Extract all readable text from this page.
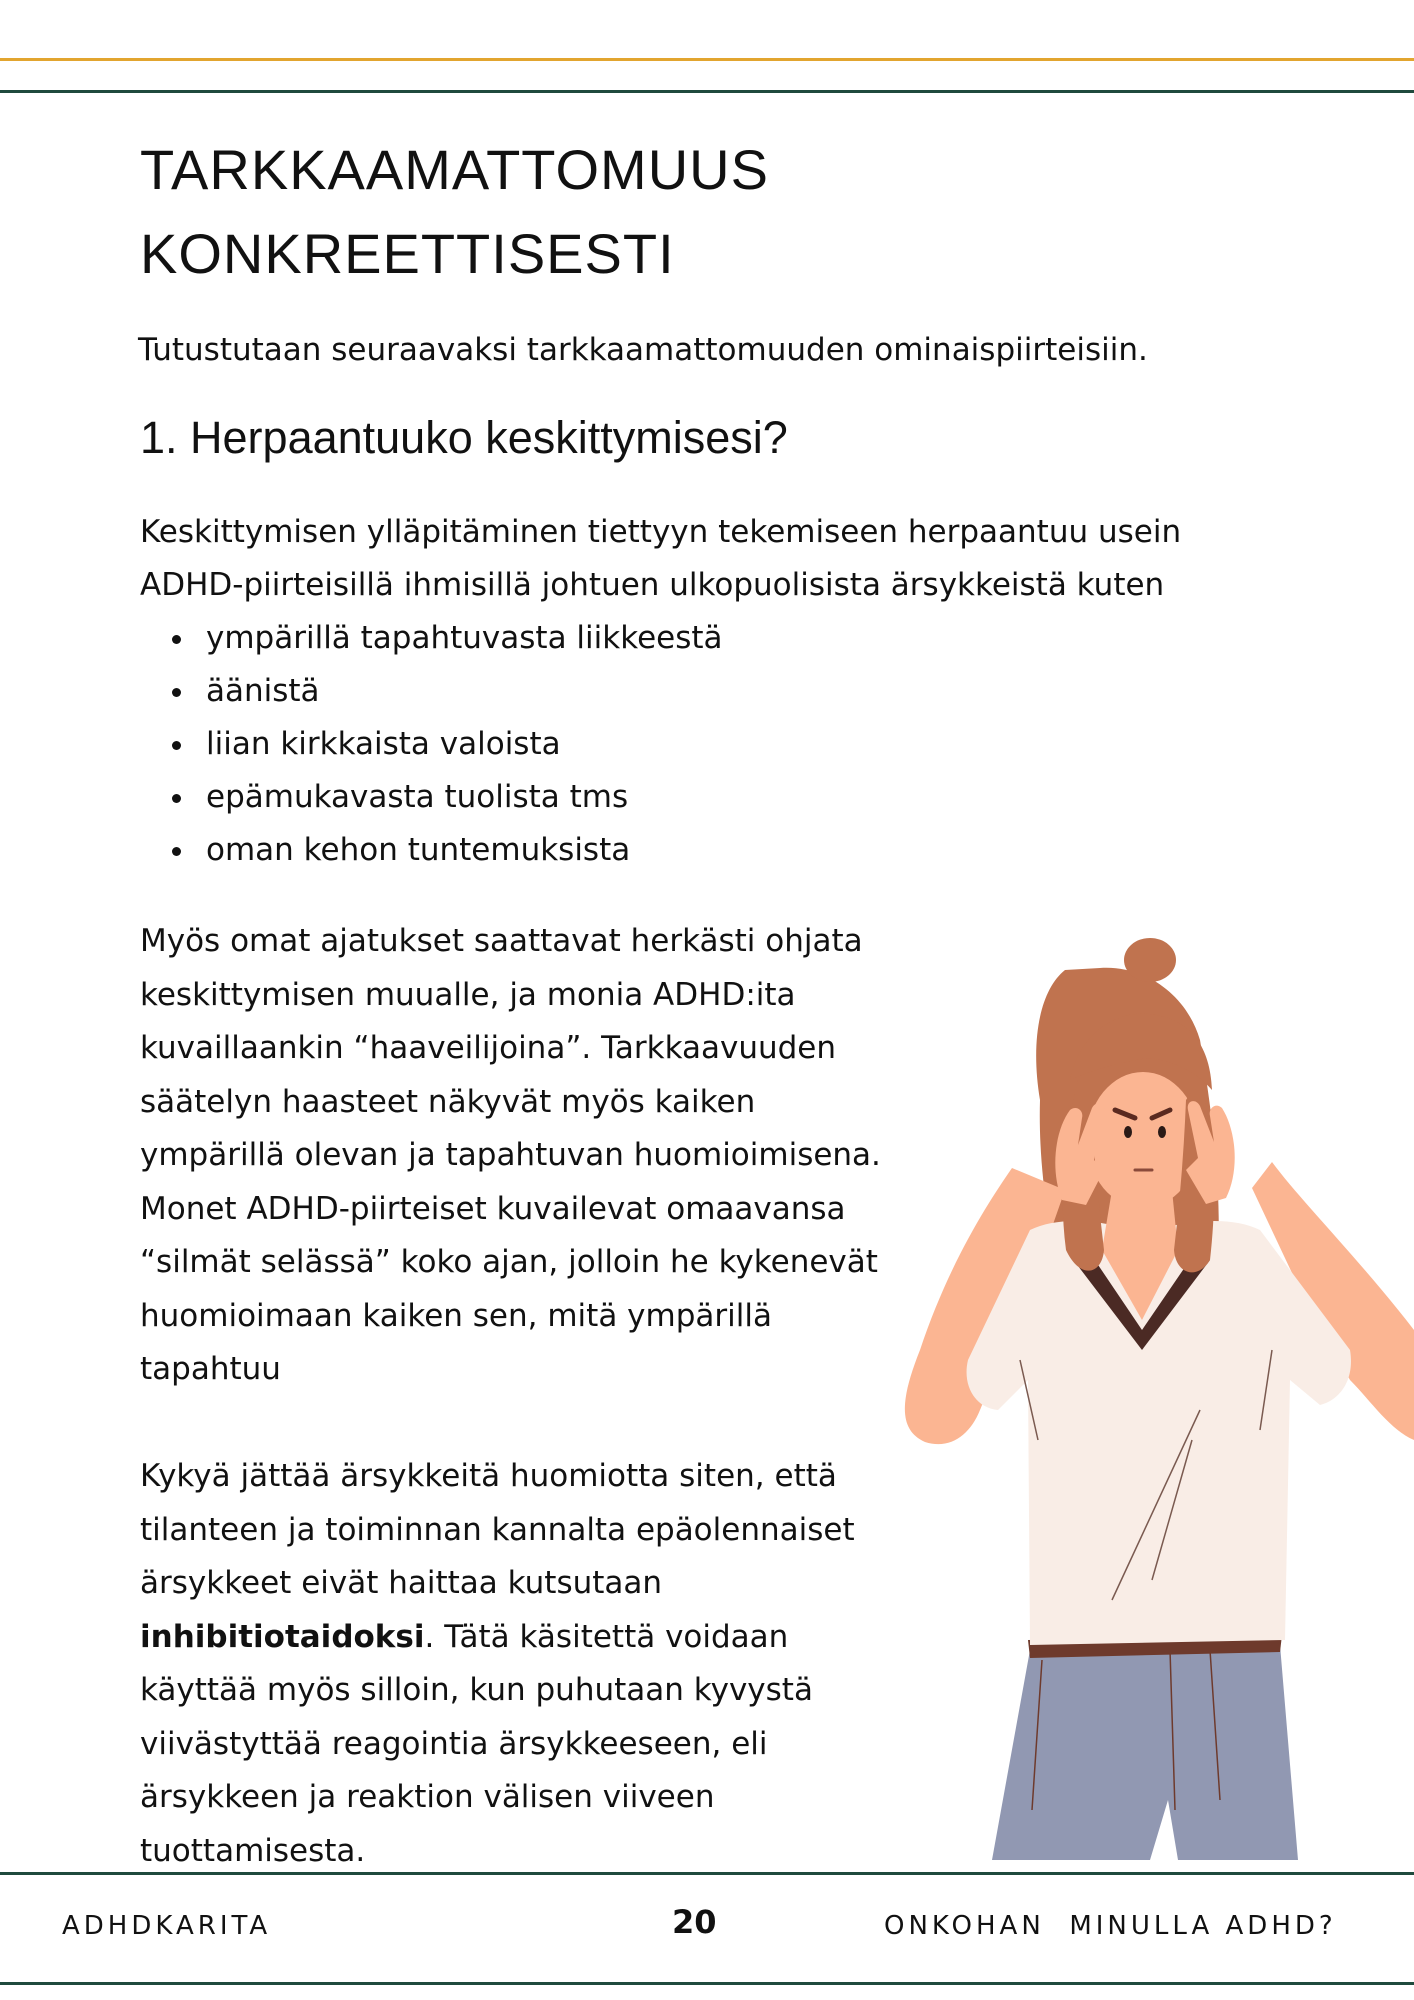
TARKKAAMATTOMUUS
KONKREETTISESTI

Tutustutaan seuraavaksi tarkkaamattomuuden ominaispiirteisiin.

1. Herpaantuuko keskittymisesi?

Keskittymisen ylläpitäminen tiettyyn tekemiseen herpaantuu usein
ADHD-piirteisillä ihmisillä johtuen ulkopuolisista ärsykkeistä kuten

ympärillä tapahtuvasta liikkeestä
äänistä
liian kirkkaista valoista
epämukavasta tuolista tms
oman kehon tuntemuksista

Myös omat ajatukset saattavat herkästi ohjata
keskittymisen muualle, ja monia ADHD:ita
kuvaillaankin “haaveilijoina”. Tarkkaavuuden
säätelyn haasteet näkyvät myös kaiken
ympärillä olevan ja tapahtuvan huomioimisena.
Monet ADHD-piirteiset kuvailevat omaavansa
“silmät selässä” koko ajan, jolloin he kykenevät
huomioimaan kaiken sen, mitä ympärillä
tapahtuu

Kykyä jättää ärsykkeitä huomiotta siten, että
tilanteen ja toiminnan kannalta epäolennaiset
ärsykkeet eivät haittaa kutsutaan
inhibitiotaidoksi. Tätä käsitettä voidaan
käyttää myös silloin, kun puhutaan kyvystä
viivästyttää reagointia ärsykkeeseen, eli
ärsykkeen ja reaktion välisen viiveen
tuottamisesta.

ADHDKARITA	20	ONKOHAN  MINULLA ADHD?
